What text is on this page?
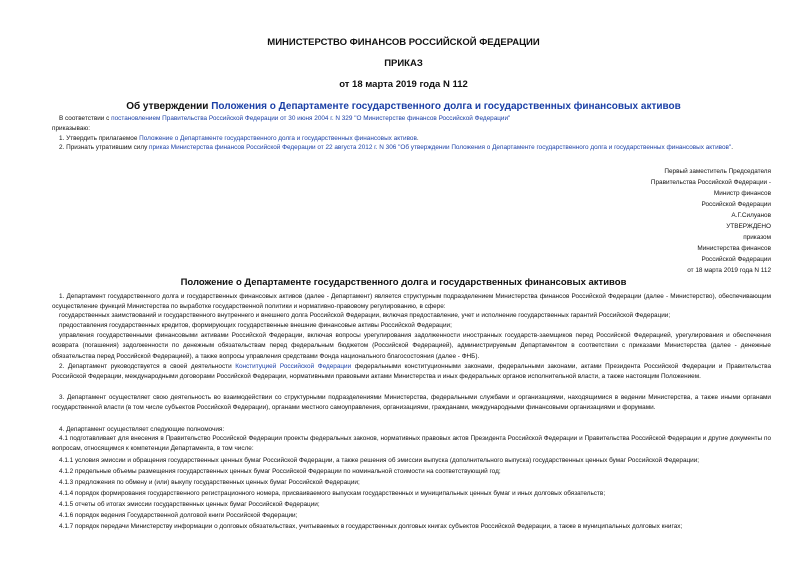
МИНИСТЕРСТВО ФИНАНСОВ РОССИЙСКОЙ ФЕДЕРАЦИИ
ПРИКАЗ
от 18 марта 2019 года N 112
Об утверждении Положения о Департаменте государственного долга и государственных финансовых активов
В соответствии с постановлением Правительства Российской Федерации от 30 июня 2004 г. N 329 "О Министерстве финансов Российской Федерации"
приказываю:
1. Утвердить прилагаемое Положение о Департаменте государственного долга и государственных финансовых активов.
2. Признать утратившим силу приказ Министерства финансов Российской Федерации от 22 августа 2012 г. N 306 "Об утверждении Положения о Департаменте государственного долга и государственных финансовых активов".
Первый заместитель Председателя
Правительства Российской Федерации -
Министр финансов
Российской Федерации
А.Г.Силуанов
УТВЕРЖДЕНО
приказом
Министерства финансов
Российской Федерации
от 18 марта 2019 года N 112
Положение о Департаменте государственного долга и государственных финансовых активов
1. Департамент государственного долга и государственных финансовых активов (далее - Департамент) является структурным подразделением Министерства финансов Российской Федерации (далее - Министерство), обеспечивающим осуществление функций Министерства по выработке государственной политики и нормативно-правовому регулированию, в сфере:
государственных заимствований и государственного внутреннего и внешнего долга Российской Федерации, включая предоставление, учет и исполнение государственных гарантий Российской Федерации;
предоставления государственных кредитов, формирующих государственные внешние финансовые активы Российской Федерации;
управления государственными финансовыми активами Российской Федерации, включая вопросы урегулирования задолженности иностранных государств-заемщиков перед Российской Федерацией, урегулирования и обеспечения возврата (погашения) задолженности по денежным обязательствам перед федеральным бюджетом (Российской Федерацией), администрируемым Департаментом в соответствии с приказами Министерства (далее - денежные обязательства перед Российской Федерацией), а также вопросы управления средствами Фонда национального благосостояния (далее - ФНБ).
2. Департамент руководствуется в своей деятельности Конституцией Российской Федерации федеральными конституционными законами, федеральными законами, актами Президента Российской Федерации и Правительства Российской Федерации, международными договорами Российской Федерации, нормативными правовыми актами Министерства и иных федеральных органов исполнительной власти, а также настоящим Положением.
3. Департамент осуществляет свою деятельность во взаимодействии со структурными подразделениями Министерства, федеральными службами и организациями, находящимися в ведении Министерства, а также иными органами государственной власти (в том числе субъектов Российской Федерации), органами местного самоуправления, организациями, гражданами, международными финансовыми организациями и форумами.
4. Департамент осуществляет следующие полномочия:
4.1 подготавливает для внесения в Правительство Российской Федерации проекты федеральных законов, нормативных правовых актов Президента Российской Федерации и Правительства Российской Федерации и другие документы по вопросам, относящимся к компетенции Департамента, в том числе:
4.1.1 условия эмиссии и обращения государственных ценных бумаг Российской Федерации, а также решения об эмиссии выпуска (дополнительного выпуска) государственных ценных бумаг Российской Федерации;
4.1.2 предельные объемы размещения государственных ценных бумаг Российской Федерации по номинальной стоимости на соответствующий год;
4.1.3 предложения по обмену и (или) выкупу государственных ценных бумаг Российской Федерации;
4.1.4 порядок формирования государственного регистрационного номера, присваиваемого выпускам государственных и муниципальных ценных бумаг и иных долговых обязательств;
4.1.5 отчеты об итогах эмиссии государственных ценных бумаг Российской Федерации;
4.1.6 порядок ведения Государственной долговой книги Российской Федерации;
4.1.7 порядок передачи Министерству информации о долговых обязательствах, учитываемых в государственных долговых книгах субъектов Российской Федерации, а также в муниципальных долговых книгах;
